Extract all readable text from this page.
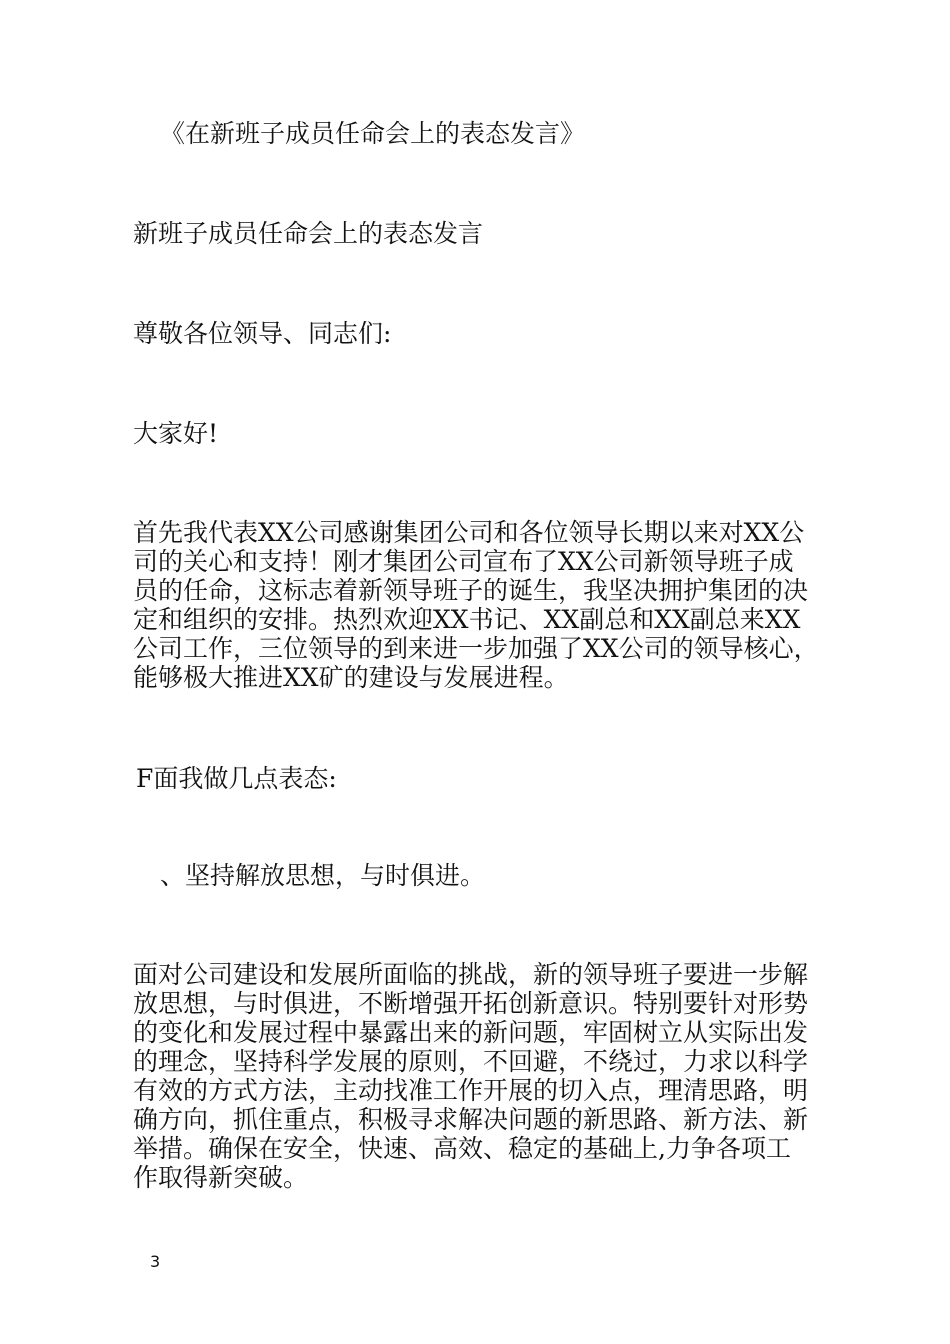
《在新班子成员任命会上的表态发言》

新班子成员任命会上的表态发言

尊敬各位领导、同志们:

大家好!

首先我代表XX公司感谢集团公司和各位领导长期以来对XX公
司的关心和支持！刚才集团公司宣布了XX公司新领导班子成
员的任命，这标志着新领导班子的诞生，我坚决拥护集团的决
定和组织的安排。热烈欢迎XX书记、XX副总和XX副总来XX
公司工作，三位领导的到来进一步加强了XX公司的领导核心，
能够极大推进XX矿的建设与发展进程。

F面我做几点表态:

、坚持解放思想，与时俱进。

面对公司建设和发展所面临的挑战，新的领导班子要进一步解
放思想，与时俱进，不断增强开拓创新意识。特别要针对形势
的变化和发展过程中暴露出来的新问题，牢固树立从实际出发
的理念，坚持科学发展的原则，不回避，不绕过，力求以科学
有效的方式方法，主动找准工作开展的切入点，理清思路，明
确方向，抓住重点，积极寻求解决问题的新思路、新方法、新
举措。确保在安全，快速、高效、稳定的基础上,力争各项工
作取得新突破。
3
